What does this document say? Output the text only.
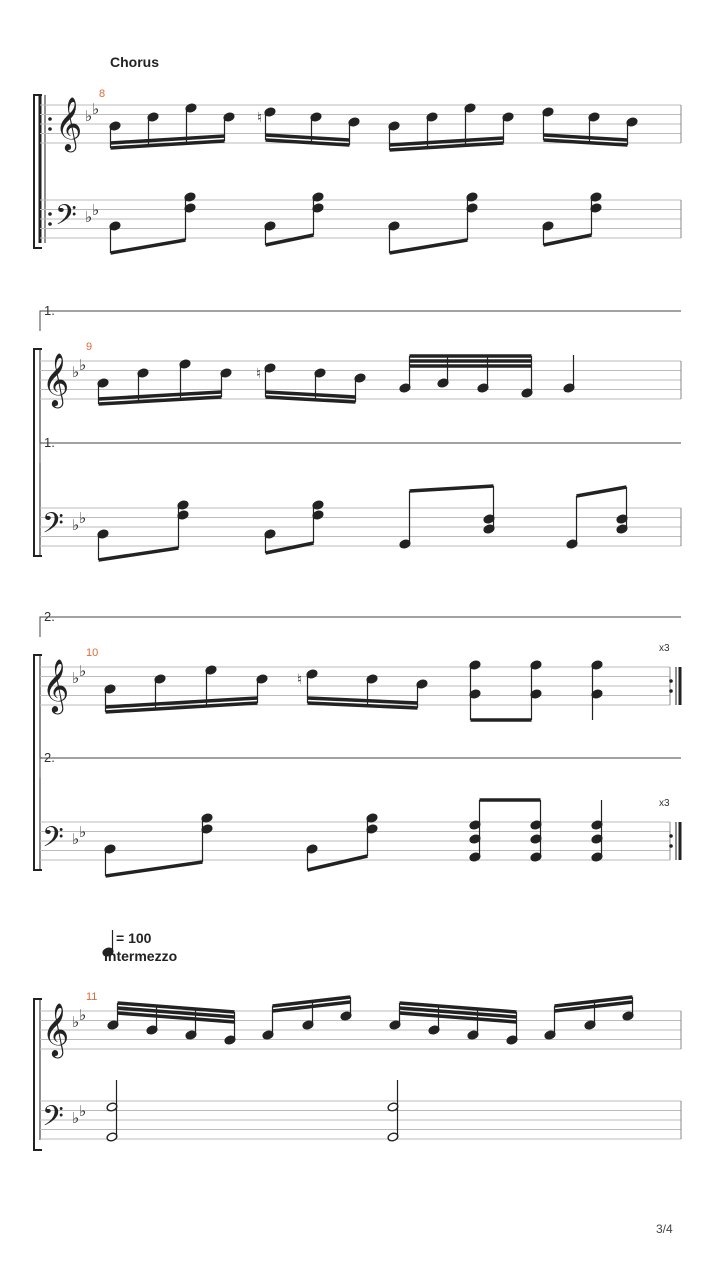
𝄞 ♭ ♭
𝄢 ♭ ♭
♮
𝄞 ♭ ♭
𝄢 ♭ ♭
♮
𝄞 ♭ ♭
𝄢 ♭ ♭
♮
𝄞 ♭ ♭
𝄢 ♭ ♭
Chorus
8
1.
9
1.
2.
10	x3
2.
x3
= 100
Intermezzo
11
3/4
